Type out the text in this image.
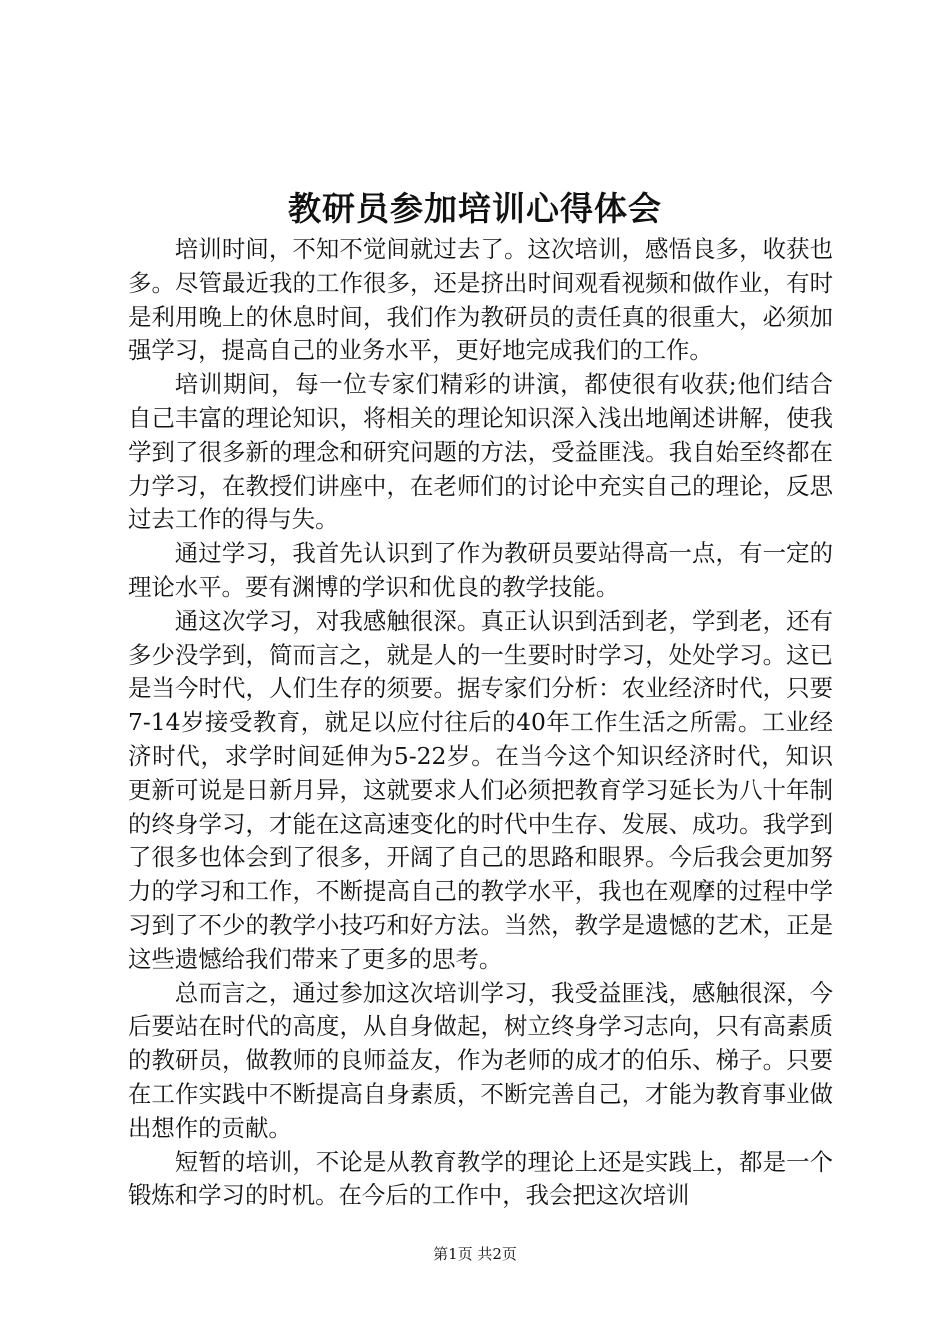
教研员参加培训心得体会

培训时间，不知不觉间就过去了。这次培训，感悟良多，收获也多。尽管最近我的工作很多，还是挤出时间观看视频和做作业，有时是利用晚上的休息时间，我们作为教研员的责任真的很重大，必须加强学习，提高自己的业务水平，更好地完成我们的工作。

培训期间，每一位专家们精彩的讲演，都使很有收获;他们结合自己丰富的理论知识，将相关的理论知识深入浅出地阐述讲解，使我学到了很多新的理念和研究问题的方法，受益匪浅。我自始至终都在力学习，在教授们讲座中，在老师们的讨论中充实自己的理论，反思过去工作的得与失。

通过学习，我首先认识到了作为教研员要站得高一点，有一定的理论水平。要有渊博的学识和优良的教学技能。

通这次学习，对我感触很深。真正认识到活到老，学到老，还有多少没学到，简而言之，就是人的一生要时时学习，处处学习。这已是当今时代，人们生存的须要。据专家们分析：农业经济时代，只要7-14岁接受教育，就足以应付往后的40年工作生活之所需。工业经济时代，求学时间延伸为5-22岁。在当今这个知识经济时代，知识更新可说是日新月异，这就要求人们必须把教育学习延长为八十年制的终身学习，才能在这高速变化的时代中生存、发展、成功。我学到了很多也体会到了很多，开阔了自己的思路和眼界。今后我会更加努力的学习和工作，不断提高自己的教学水平，我也在观摩的过程中学习到了不少的教学小技巧和好方法。当然，教学是遗憾的艺术，正是这些遗憾给我们带来了更多的思考。

总而言之，通过参加这次培训学习，我受益匪浅，感触很深，今后要站在时代的高度，从自身做起，树立终身学习志向，只有高素质的教研员，做教师的良师益友，作为老师的成才的伯乐、梯子。只要在工作实践中不断提高自身素质，不断完善自己，才能为教育事业做出想作的贡献。

短暂的培训，不论是从教育教学的理论上还是实践上，都是一个锻炼和学习的时机。在今后的工作中，我会把这次培训

第1页 共2页
